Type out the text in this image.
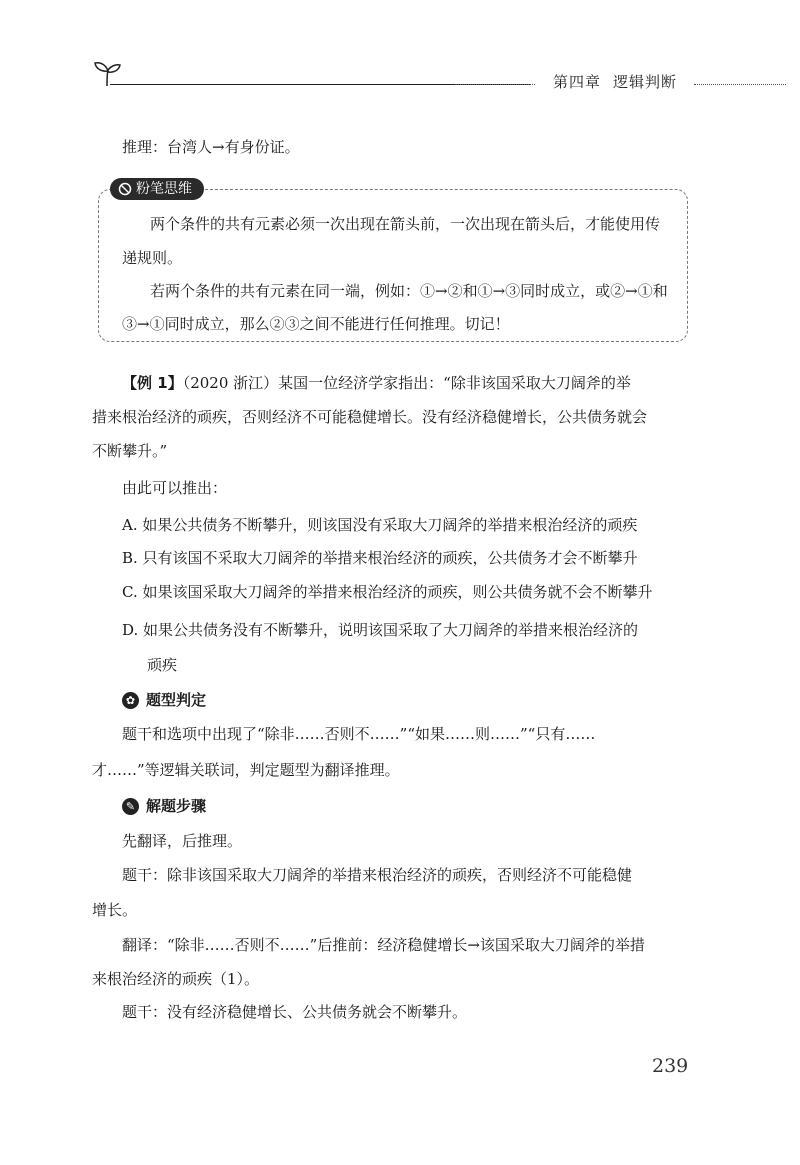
第四章 逻辑判断
推理：台湾人→有身份证。
粉笔思维
两个条件的共有元素必须一次出现在箭头前，一次出现在箭头后，才能使用传
递规则。
若两个条件的共有元素在同一端，例如：①→②和①→③同时成立，或②→①和
③→①同时成立，那么②③之间不能进行任何推理。切记！
【例 1】（2020 浙江）某国一位经济学家指出：“除非该国采取大刀阔斧的举
措来根治经济的顽疾，否则经济不可能稳健增长。没有经济稳健增长，公共债务就会
不断攀升。”
由此可以推出：
A. 如果公共债务不断攀升，则该国没有采取大刀阔斧的举措来根治经济的顽疾
B. 只有该国不采取大刀阔斧的举措来根治经济的顽疾，公共债务才会不断攀升
C. 如果该国采取大刀阔斧的举措来根治经济的顽疾，则公共债务就不会不断攀升
D. 如果公共债务没有不断攀升，说明该国采取了大刀阔斧的举措来根治经济的
顽疾
✿ 题型判定
题干和选项中出现了“除非……否则不……”“如果……则……”“只有……
才……”等逻辑关联词，判定题型为翻译推理。
✎ 解题步骤
先翻译，后推理。
题干：除非该国采取大刀阔斧的举措来根治经济的顽疾，否则经济不可能稳健
增长。
翻译：“除非……否则不……”后推前：经济稳健增长→该国采取大刀阔斧的举措
来根治经济的顽疾（1）。
题干：没有经济稳健增长、公共债务就会不断攀升。
239
